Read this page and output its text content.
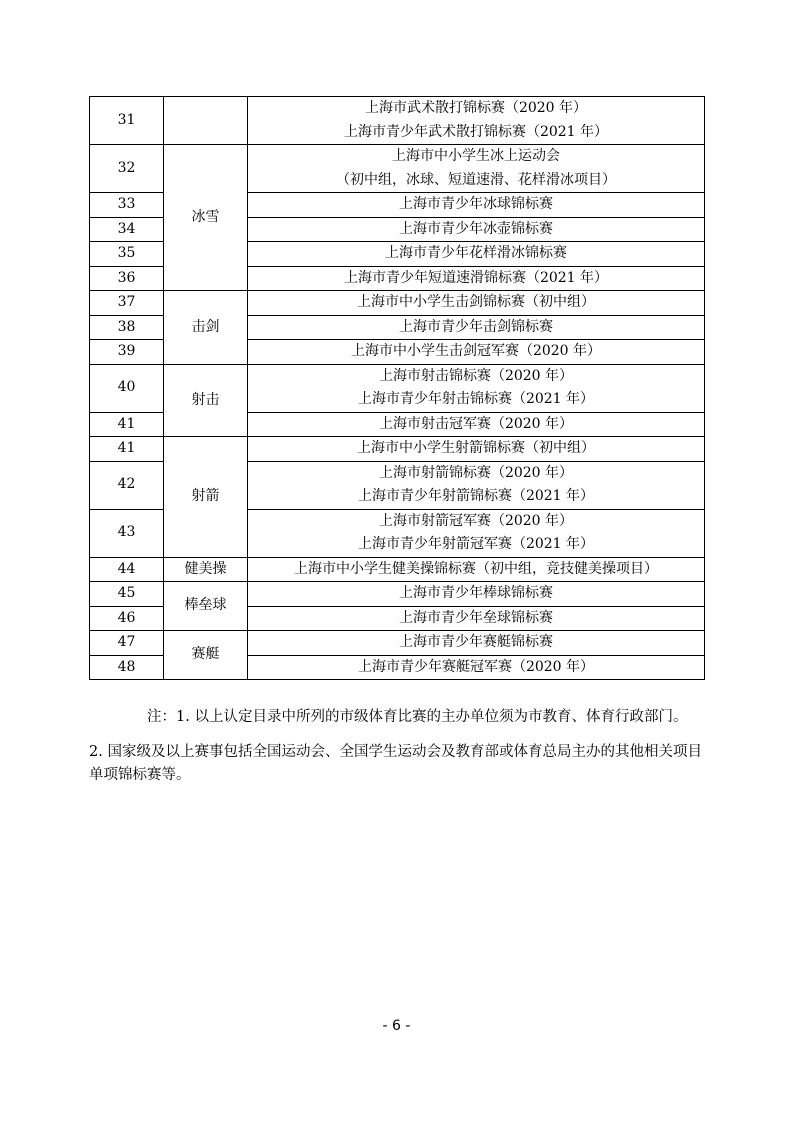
31		上海市武术散打锦标赛（2020 年）
上海市青少年武术散打锦标赛（2021 年）

32	冰雪	上海市中小学生冰上运动会
（初中组，冰球、短道速滑、花样滑冰项目）

33		上海市青少年冰球锦标赛

34		上海市青少年冰壶锦标赛

35		上海市青少年花样滑冰锦标赛

36		上海市青少年短道速滑锦标赛（2021 年）

37	击剑	上海市中小学生击剑锦标赛（初中组）

38		上海市青少年击剑锦标赛

39		上海市中小学生击剑冠军赛（2020 年）

40	射击	上海市射击锦标赛（2020 年）
上海市青少年射击锦标赛（2021 年）

41		上海市射击冠军赛（2020 年）

41	射箭	上海市中小学生射箭锦标赛（初中组）

42		上海市射箭锦标赛（2020 年）
上海市青少年射箭锦标赛（2021 年）

43		上海市射箭冠军赛（2020 年）
上海市青少年射箭冠军赛（2021 年）

44	健美操	上海市中小学生健美操锦标赛（初中组，竞技健美操项目）

45	棒垒球	上海市青少年棒球锦标赛

46		上海市青少年垒球锦标赛

47	赛艇	上海市青少年赛艇锦标赛

48		上海市青少年赛艇冠军赛（2020 年）

注：1. 以上认定目录中所列的市级体育比赛的主办单位须为市教育、体育行政部门。

2. 国家级及以上赛事包括全国运动会、全国学生运动会及教育部或体育总局主办的其他相关项目单项锦标赛等。

- 6 -
